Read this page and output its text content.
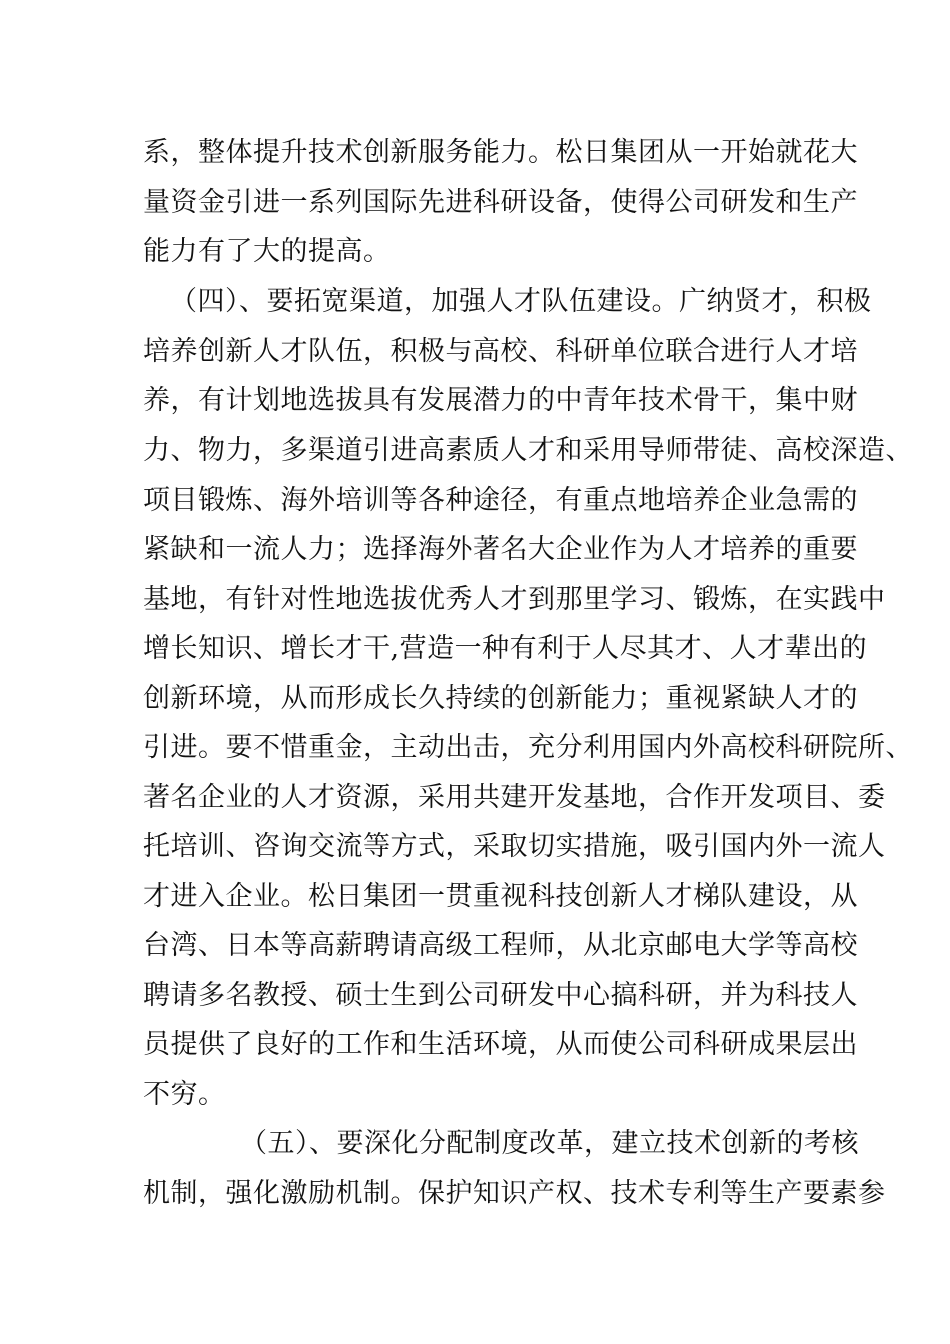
系，整体提升技术创新服务能力。松日集团从一开始就花大
量资金引进一系列国际先进科研设备，使得公司研发和生产
能力有了大的提高。
（四）、要拓宽渠道，加强人才队伍建设。广纳贤才，积极
培养创新人才队伍，积极与高校、科研单位联合进行人才培
养，有计划地选拔具有发展潜力的中青年技术骨干，集中财
力、物力，多渠道引进高素质人才和采用导师带徒、高校深造、
项目锻炼、海外培训等各种途径，有重点地培养企业急需的
紧缺和一流人力；选择海外著名大企业作为人才培养的重要
基地，有针对性地选拔优秀人才到那里学习、锻炼，在实践中
增长知识、增长才干,营造一种有利于人尽其才、人才辈出的
创新环境，从而形成长久持续的创新能力；重视紧缺人才的
引进。要不惜重金，主动出击，充分利用国内外高校科研院所、
著名企业的人才资源，采用共建开发基地，合作开发项目、委
托培训、咨询交流等方式，采取切实措施，吸引国内外一流人
才进入企业。松日集团一贯重视科技创新人才梯队建设，从
台湾、日本等高薪聘请高级工程师，从北京邮电大学等高校
聘请多名教授、硕士生到公司研发中心搞科研，并为科技人
员提供了良好的工作和生活环境，从而使公司科研成果层出
不穷。
（五）、要深化分配制度改革，建立技术创新的考核
机制，强化激励机制。保护知识产权、技术专利等生产要素参
